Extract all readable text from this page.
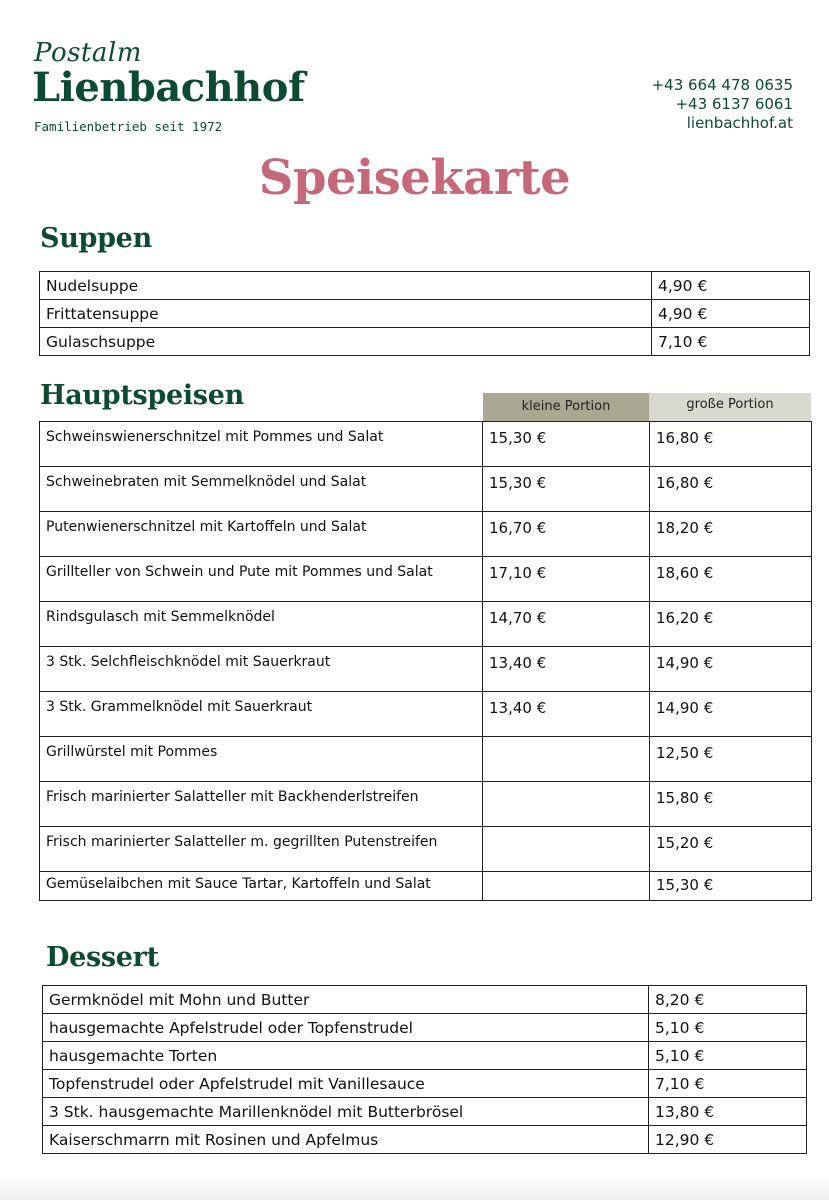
Postalm
Lienbachhof
Familienbetrieb seit 1972
+43 664 478 0635
+43 6137 6061
lienbachhof.at
Speisekarte
Suppen
Nudelsuppe	4,90 €
Frittatensuppe	4,90 €
Gulaschsuppe	7,10 €
Hauptspeisen	kleine Portion	große Portion
Schweinswienerschnitzel mit Pommes und Salat	15,30 €	16,80 €
Schweinebraten mit Semmelknödel und Salat	15,30 €	16,80 €
Putenwienerschnitzel mit Kartoffeln und Salat	16,70 €	18,20 €
Grillteller von Schwein und Pute mit Pommes und Salat	17,10 €	18,60 €
Rindsgulasch mit Semmelknödel	14,70 €	16,20 €
3 Stk. Selchfleischknödel mit Sauerkraut	13,40 €	14,90 €
3 Stk. Grammelknödel mit Sauerkraut	13,40 €	14,90 €
Grillwürstel mit Pommes		12,50 €
Frisch marinierter Salatteller mit Backhenderlstreifen		15,80 €
Frisch marinierter Salatteller m. gegrillten Putenstreifen		15,20 €
Gemüselaibchen mit Sauce Tartar, Kartoffeln und Salat		15,30 €
Dessert
Germknödel mit Mohn und Butter	8,20 €
hausgemachte Apfelstrudel oder Topfenstrudel	5,10 €
hausgemachte Torten	5,10 €
Topfenstrudel oder Apfelstrudel mit Vanillesauce	7,10 €
3 Stk. hausgemachte Marillenknödel mit Butterbrösel	13,80 €
Kaiserschmarrn mit Rosinen und Apfelmus	12,90 €
